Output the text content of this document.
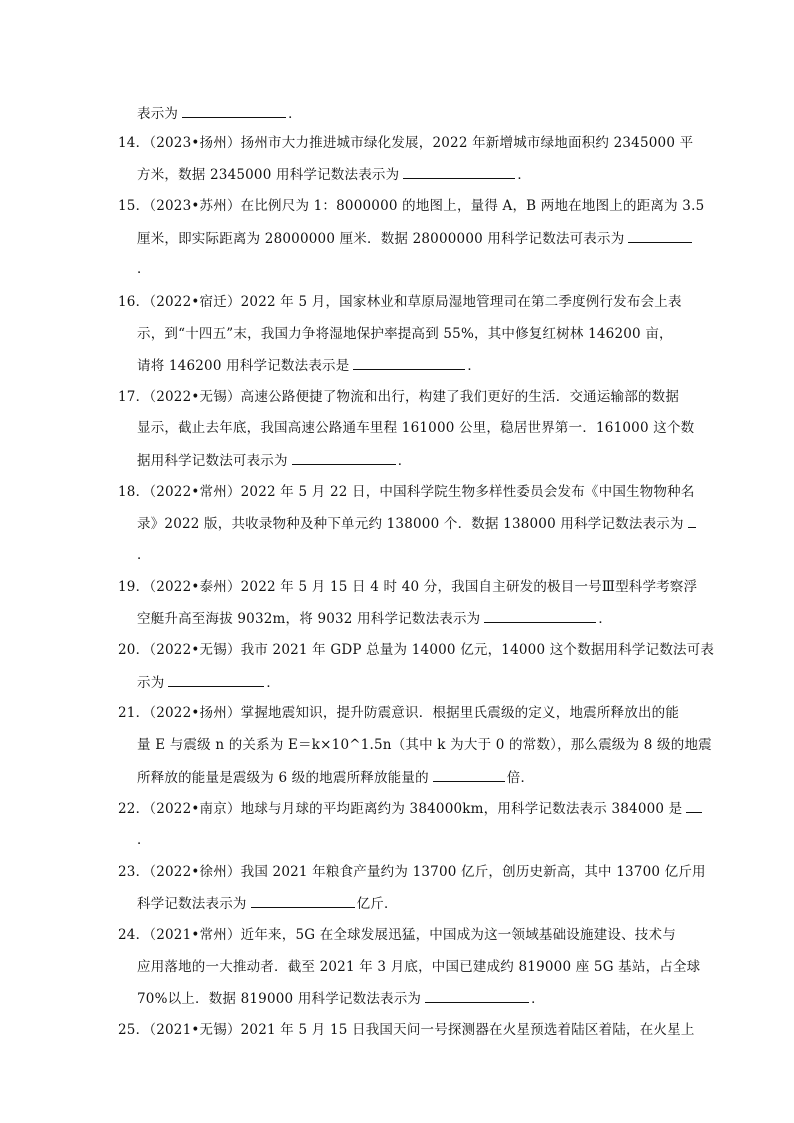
表示为	．
14．（2023•扬州）扬州市大力推进城市绿化发展，2022 年新增城市绿地面积约 2345000 平
方米，数据 2345000 用科学记数法表示为	．
15．（2023•苏州）在比例尺为 1：8000000 的地图上，量得 A，B 两地在地图上的距离为 3.5
厘米，即实际距离为 28000000 厘米．数据 28000000 用科学记数法可表示为
．
16．（2022•宿迁）2022 年 5 月，国家林业和草原局湿地管理司在第二季度例行发布会上表
示，到“十四五”末，我国力争将湿地保护率提高到 55%，其中修复红树林 146200 亩，
请将 146200 用科学记数法表示是	．
17．（2022•无锡）高速公路便捷了物流和出行，构建了我们更好的生活．交通运输部的数据
显示，截止去年底，我国高速公路通车里程 161000 公里，稳居世界第一．161000 这个数
据用科学记数法可表示为	．
18．（2022•常州）2022 年 5 月 22 日，中国科学院生物多样性委员会发布《中国生物物种名
录》2022 版，共收录物种及种下单元约 138000 个．数据 138000 用科学记数法表示为
．
19．（2022•泰州）2022 年 5 月 15 日 4 时 40 分，我国自主研发的极目一号Ⅲ型科学考察浮
空艇升高至海拔 9032m，将 9032 用科学记数法表示为	．
20．（2022•无锡）我市 2021 年 GDP 总量为 14000 亿元，14000 这个数据用科学记数法可表
示为	．
21．（2022•扬州）掌握地震知识，提升防震意识．根据里氏震级的定义，地震所释放出的能
量 E 与震级 n 的关系为 E＝k×10^1.5n（其中 k 为大于 0 的常数），那么震级为 8 级的地震
所释放的能量是震级为 6 级的地震所释放能量的	倍．
22．（2022•南京）地球与月球的平均距离约为 384000km，用科学记数法表示 384000 是
．
23．（2022•徐州）我国 2021 年粮食产量约为 13700 亿斤，创历史新高，其中 13700 亿斤用
科学记数法表示为	亿斤．
24．（2021•常州）近年来，5G 在全球发展迅猛，中国成为这一领域基础设施建设、技术与
应用落地的一大推动者．截至 2021 年 3 月底，中国已建成约 819000 座 5G 基站，占全球
70%以上．数据 819000 用科学记数法表示为	．
25．（2021•无锡）2021 年 5 月 15 日我国天问一号探测器在火星预选着陆区着陆，在火星上
